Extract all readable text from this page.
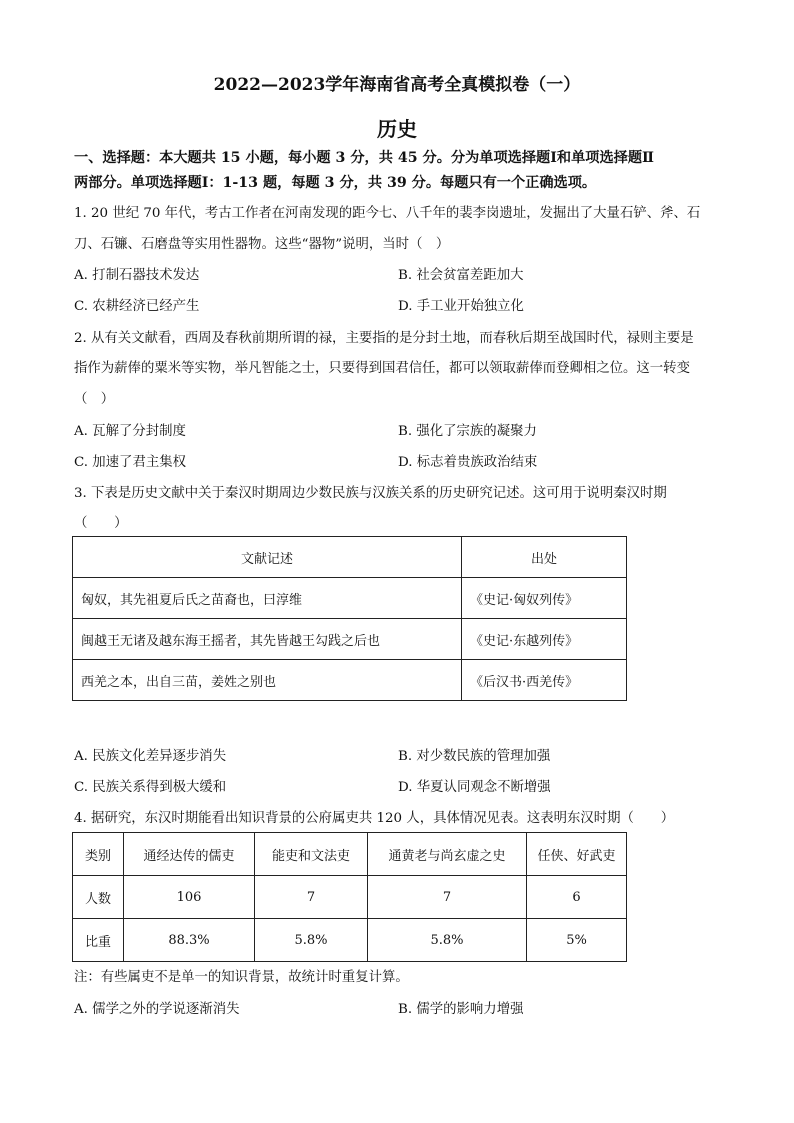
2022—2023学年海南省高考全真模拟卷（一）
历史
一、选择题：本大题共 15 小题，每小题 3 分，共 45 分。分为单项选择题Ⅰ和单项选择题Ⅱ
两部分。单项选择题Ⅰ：1-13 题，每题 3 分，共 39 分。每题只有一个正确选项。
1. 20 世纪 70 年代，考古工作者在河南发现的距今七、八千年的裴李岗遗址，发掘出了大量石铲、斧、石
刀、石镰、石磨盘等实用性器物。这些“器物”说明，当时（　）
A. 打制石器技术发达	B. 社会贫富差距加大
C. 农耕经济已经产生	D. 手工业开始独立化
2. 从有关文献看，西周及春秋前期所谓的禄，主要指的是分封土地，而春秋后期至战国时代，禄则主要是
指作为薪俸的粟米等实物，举凡智能之士，只要得到国君信任，都可以领取薪俸而登卿相之位。这一转变
（　）
A. 瓦解了分封制度	B. 强化了宗族的凝聚力
C. 加速了君主集权	D. 标志着贵族政治结束
3. 下表是历史文献中关于秦汉时期周边少数民族与汉族关系的历史研究记述。这可用于说明秦汉时期
（　　）
文献记述	出处
匈奴，其先祖夏后氏之苗裔也，曰淳维	《史记·匈奴列传》
闽越王无诸及越东海王摇者，其先皆越王勾践之后也	《史记·东越列传》
西羌之本，出自三苗，姜姓之别也	《后汉书·西羌传》
A. 民族文化差异逐步消失	B. 对少数民族的管理加强
C. 民族关系得到极大缓和	D. 华夏认同观念不断增强
4. 据研究，东汉时期能看出知识背景的公府属吏共 120 人，具体情况见表。这表明东汉时期（　　）
类别	通经达传的儒吏	能吏和文法吏	通黄老与尚玄虚之史	任侠、好武吏
人数	106	7	7	6
比重	88.3%	5.8%	5.8%	5%
注：有些属吏不是单一的知识背景，故统计时重复计算。
A. 儒学之外的学说逐渐消失	B. 儒学的影响力增强
